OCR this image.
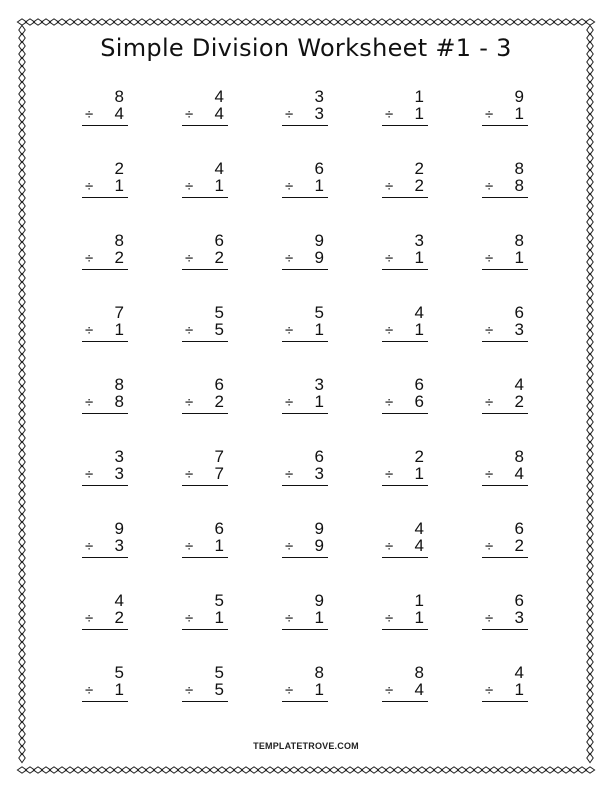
Simple Division Worksheet #1 - 3
8
÷ 4
4
÷ 4
3
÷ 3
1
÷ 1
9
÷ 1
2
÷ 1
4
÷ 1
6
÷ 1
2
÷ 2
8
÷ 8
8
÷ 2
6
÷ 2
9
÷ 9
3
÷ 1
8
÷ 1
7
÷ 1
5
÷ 5
5
÷ 1
4
÷ 1
6
÷ 3
8
÷ 8
6
÷ 2
3
÷ 1
6
÷ 6
4
÷ 2
3
÷ 3
7
÷ 7
6
÷ 3
2
÷ 1
8
÷ 4
9
÷ 3
6
÷ 1
9
÷ 9
4
÷ 4
6
÷ 2
4
÷ 2
5
÷ 1
9
÷ 1
1
÷ 1
6
÷ 3
5
÷ 1
5
÷ 5
8
÷ 1
8
÷ 4
4
÷ 1
TEMPLATETROVE.COM
